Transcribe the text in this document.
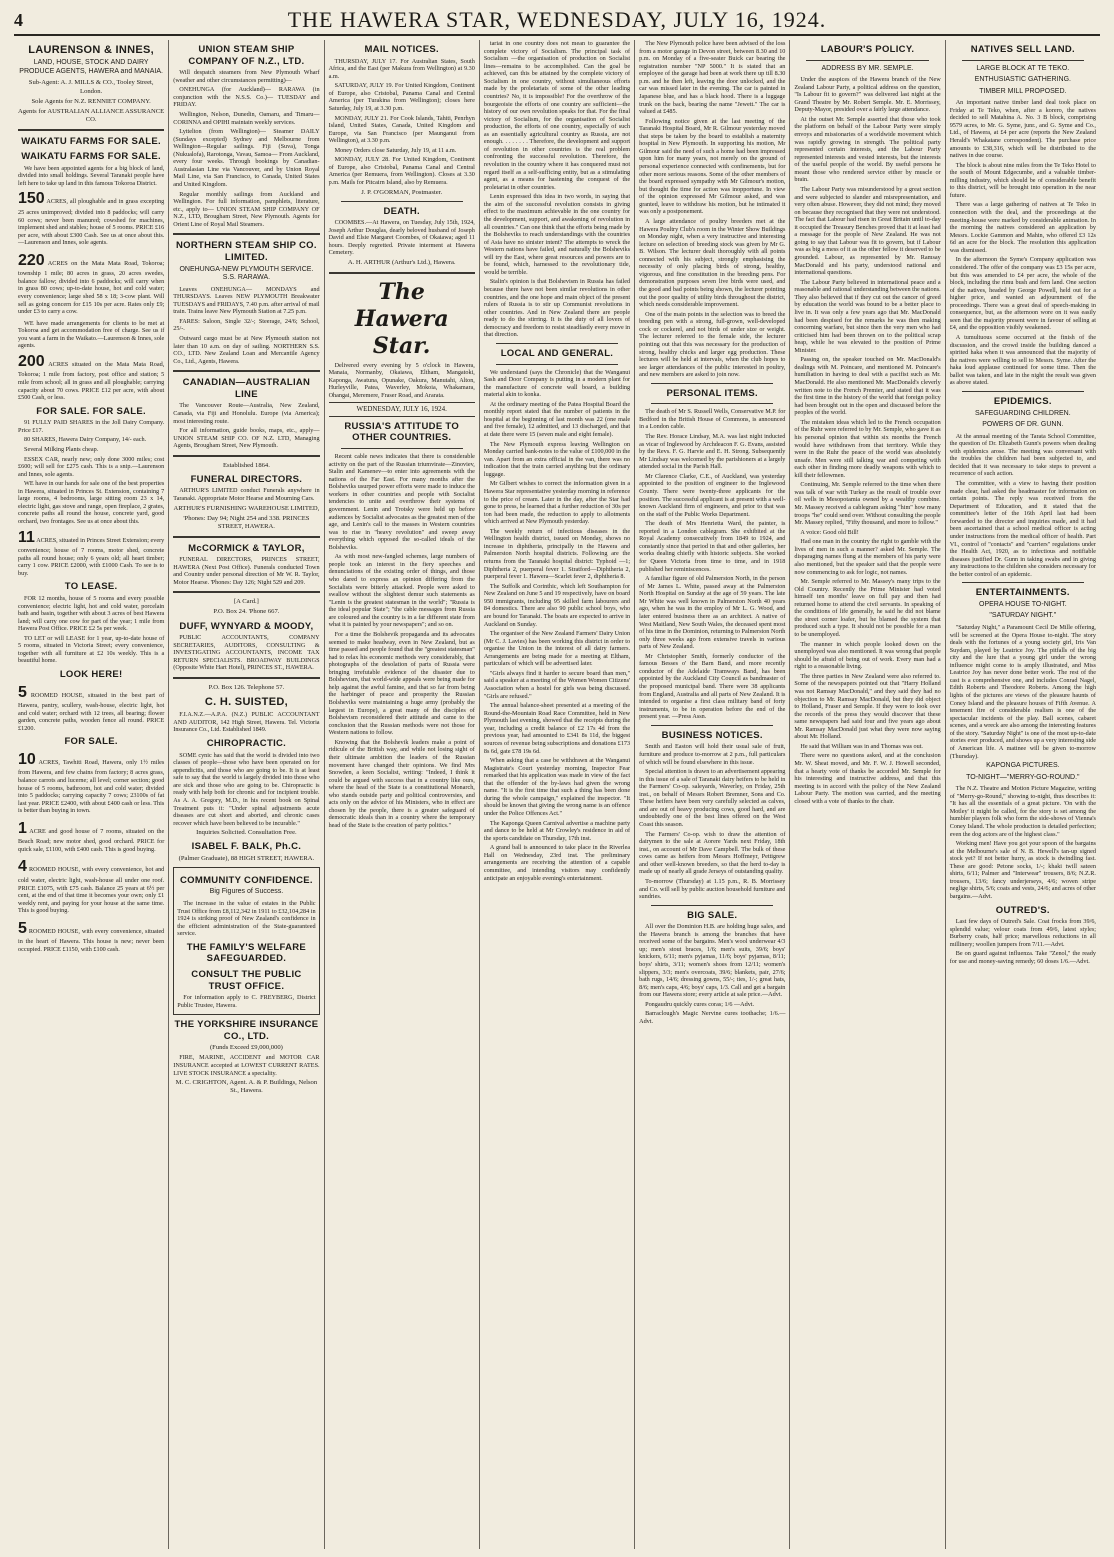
4	THE HAWERA STAR, WEDNESDAY, JULY 16, 1924.
LAURENSON & INNES,
LAND, HOUSE, STOCK AND DAIRY PRODUCE AGENTS, HAWERA and MANAIA.
Sub-Agent: A. J. MILLS & CO., Tooley Street, London.
Sole Agents for N.Z. RENNIET COMPANY.
Agents for AUSTRALIAN ALLIANCE ASSURANCE CO.
WAIKATU FARMS FOR SALE.
WAIKATU FARMS FOR SALE.

We have been appointed agents for a big block of land, divided into small holdings. Several Taranaki people have left here to take up land in this famous Tokoroa District.

150 ACRES, all ploughable and in grass excepting 25 acres unimproved; divided into 8 paddocks; will carry 60 cows; never been manured; cowshed for machines, implement shed and stables; house of 5 rooms. PRICE £16 per acre, with about £300 Cash. See us at once about this.—Laurenson and Innes, sole agents.
220 ACRES on the Mata Mata Road, Tokoroa; township 1 mile; 80 acres in grass, 20 acres swedes, balance fallow; divided into 6 paddocks; will carry when in grass 80 cows; up-to-date house, hot and cold water; every convenience; large shed 58 x 18; 3-cow plant. Will sell as going concern for £15 10s per acre. Rates only £9; under £3 to carry a cow.

WE have made arrangements for clients to be met at Tokoroa and get accommodation free of charge. See us if you want a farm in the Waikato.—Laurenson & Innes, sole agents.

200 ACRES situated on the Mata Mata Road, Tokoroa; 1 mile from factory, post office and station; 5 mile from school; all in grass and all ploughable; carrying capacity about 70 cows. PRICE £12 per acre, with about £500 Cash, or less.
FOR SALE. FOR SALE.

91 FULLY PAID SHARES in the Joll Dairy Company. Price £17.

80 SHARES, Hawera Dairy Company, 14/- each.

Several Milking Plants cheap.

ESSEX CAR, nearly new; only done 3000 miles; cost £600; will sell for £275 cash. This is a snip.—Laurenson and Innes, sole agents.

WE have in our hands for sale one of the best properties in Hawera, situated in Princes St. Extension, containing 7 large rooms, 4 bedrooms, large sitting room 23 x 14, electric light, gas stove and range, open fireplace, 2 grates, concrete paths all round the house, concrete yard, good orchard, two frontages. See us at once about this.

11 ACRES, situated in Princes Street Extension; every convenience; house of 7 rooms, motor shed, concrete paths all round house; only 6 years old; all heart timber; carry 1 cow. PRICE £2000, with £1000 Cash. To see is to buy.
TO LEASE.

FOR 12 months, house of 5 rooms and every possible convenience; electric light, hot and cold water, porcelain bath and basin, together with about 3 acres of best Hawera land; will carry one cow for part of the year; 1 mile from Hawera Post Office. PRICE £2 5s per week.

TO LET or will LEASE for 1 year, up-to-date house of 5 rooms, situated in Victoria Street; every convenience, together with all furniture at £2 10s weekly. This is a beautiful home.

LOOK HERE!
5 ROOMED HOUSE, situated in the best part of Hawera, pantry, scullery, wash-house, electric light, hot and cold water; orchard with 12 trees, all bearing; flower garden, concrete paths, wooden fence all round. PRICE £1200.
FOR SALE.
10 ACRES, Tawhiti Road, Hawera, only 1½ miles from Hawera, and few chains from factory; 8 acres grass, balance carrots and lucerne; all level; corner section; good house of 5 rooms, bathroom, hot and cold water; divided into 5 paddocks; carrying capacity 7 cows; 23100s of fat last year. PRICE £2400, with about £400 cash or less. This is better than buying in town.
1 ACRE and good house of 7 rooms, situated on the Beach Road; new motor shed, good orchard. PRICE for quick sale, £1100, with £400 cash. This is good buying.
4 ROOMED HOUSE, with every convenience, hot and cold water, electric light, wash-house all under one roof. PRICE £1075, with £75 cash. Balance 25 years at 6½ per cent, at the end of that time it becomes your own; only £1 weekly rent, and paying for your house at the same time. This is good buying.
5 ROOMED HOUSE, with every convenience, situated in the heart of Hawera. This house is new; never been occupied. PRICE £1150, with £100 cash.
UNION STEAM SHIP COMPANY OF N.Z., LTD.

Will despatch steamers from New Plymouth Wharf (weather and other circumstances permitting)—

ONEHUNGA (for Auckland)— RARAWA (in conjunction with the N.S.S. Co.)— TUESDAY and FRIDAY.

Wellington, Nelson, Dunedin, Oamaru, and Timaru— CORINNA and OPIHI maintain weekly services.

Lyttelton (from Wellington)— Steamer DAILY (Sundays excepted) Sydney and Melbourne from Wellington—Regular sailings. Fiji (Suva), Tonga (Nukualofa), Rarotonga, Vavau, Samoa— From Auckland, every four weeks. Through bookings by Canadian-Australasian Line via Vancouver, and by Union Royal Mail Line, via San Francisco, to Canada, United States and United Kingdom.

Regular monthly sailings from Auckland and Wellington. For full information, pamphlets, literature, etc., apply to— UNION STEAM SHIP COMPANY OF N.Z., LTD, Brougham Street, New Plymouth. Agents for Orient Line of Royal Mail Steamers.

NORTHERN STEAM SHIP CO. LIMITED.
ONEHUNGA-NEW PLYMOUTH SERVICE. S.S. RARAWA.

Leaves ONEHUNGA— MONDAYS and THURSDAYS. Leaves NEW PLYMOUTH Breakwater TUESDAYS and FRIDAYS, 7.40 p.m. after arrival of mail train. Trains leave New Plymouth Station at 7.25 p.m.

FARES: Saloon, Single 32/-; Steerage, 24/6; School, 25/-.

Outward cargo must be at New Plymouth station not later than 10 a.m. on day of sailing. NORTHERN S.S. CO., LTD. New Zealand Loan and Mercantile Agency Co., Ltd., Agents, Hawera.

CANADIAN—AUSTRALIAN LINE

The Vancouver Route—Australia, New Zealand, Canada, via Fiji and Honolulu. Europe (via America); most interesting route.

For all information, guide books, maps, etc., apply— UNION STEAM SHIP CO. OF N.Z. LTD, Managing Agents, Brougham Street, New Plymouth.

Established 1864.
FUNERAL DIRECTORS.

ARTHUR'S LIMITED conduct Funerals anywhere in Taranaki. Appropriate Motor Hearse and Mourning Cars.

ARTHUR'S FURNISHING WAREHOUSE LIMITED,
'Phones: Day 94; Night 254 and 338. PRINCES STREET, HAWERA.
McCORMICK & TAYLOR,

FUNERAL DIRECTORS, PRINCES STREET, HAWERA (Next Post Office). Funerals conducted Town and Country under personal direction of Mr W. R. Taylor, Motor Hearse. 'Phones: Day 126; Night 529 and 209.

[A Card.]
P.O. Box 24. 'Phone 667.
DUFF, WYNYARD & MOODY,

PUBLIC ACCOUNTANTS, COMPANY SECRETARIES, AUDITORS, CONSULTING & INVESTIGATING ACCOUNTANTS, INCOME TAX RETURN SPECIALISTS. BROADWAY BUILDINGS (Opposite White Hart Hotel), PRINCES ST., HAWERA.

P.O. Box 126. Telephone 57.
C. H. SUISTED,

F.I.A.N.Z.—A.P.A. (N.Z.) PUBLIC ACCOUNTANT AND AUDITOR, 142 High Street, Hawera. Tel. Victoria Insurance Co., Ltd. Established 1849.

CHIROPRACTIC.

SOME cynic has said that the world is divided into two classes of people—those who have been operated on for appendicitis, and those who are going to be. It is at least safe to say that the world is largely divided into those who are sick and those who are going to be. Chiropractic is ready with help both for chronic and for incipient trouble. As A. A. Gregory, M.D., in his recent book on Spinal Treatment puts it: "Under spinal adjustments acute diseases are cut short and aborted, and chronic cases recover which have been believed to be incurable."

Inquiries Solicited. Consultation Free.
ISABEL F. BALK, Ph.C.
(Palmer Graduate), 88 HIGH STREET, HAWERA.
COMMUNITY CONFIDENCE.
Big Figures of Success.

The increase in the value of estates in the Public Trust Office from £8,112,342 in 1911 to £32,104,284 in 1924 is striking proof of New Zealand's confidence in the efficient administration of the State-guaranteed service.

THE FAMILY'S WELFARE SAFEGUARDED.
CONSULT THE PUBLIC TRUST OFFICE.

For information apply to C. FREYBERG, District Public Trustee, Hawera.

THE YORKSHIRE INSURANCE CO., LTD.
(Funds Exceed £9,000,000)

FIRE, MARINE, ACCIDENT and MOTOR CAR INSURANCE accepted at LOWEST CURRENT RATES. LIVE STOCK INSURANCE a speciality.

M. C. CRIGHTON, Agent. A. & P. Buildings, Nelson St., Hawera.
MAIL NOTICES.

THURSDAY, JULY 17. For Australian States, South Africa, and the East (per Makura from Wellington) at 9.30 a.m.

SATURDAY, JULY 19. For United Kingdom, Continent of Europe, also Cristobal, Panama Canal and Central America (per Turakina from Wellington); closes here Saturday, July 19, at 3.30 p.m.

MONDAY, JULY 21. For Cook Islands, Tahiti, Penrhyn Island, United States, Canada, United Kingdom and Europe, via San Francisco (per Maunganui from Wellington), at 3.30 p.m.

Money Orders close Saturday, July 19, at 11 a.m.

MONDAY, JULY 28. For United Kingdom, Continent of Europe, also Cristobal, Panama Canal and Central America (per Remuera, from Wellington). Closes at 3.30 p.m. Mails for Pitcairn Island, also by Remuera.

J. P. O'GORMAN, Postmaster.
DEATH.

COOMBES.—At Hawera, on Tuesday, July 15th, 1924, Joseph Arthur Douglas, dearly beloved husband of Joseph David and Elsie Margaret Coombes, of Okaiawa; aged 11 hours. Deeply regretted. Private interment at Hawera Cemetery.

A. H. ARTHUR (Arthur's Ltd.), Hawera.
The Hawera Star.

Delivered every evening by 5 o'clock in Hawera, Manaia, Normanby, Okaiawa, Eltham, Mangatoki, Kaponga, Awatuna, Opunake, Oakura, Manutahi, Alton, Hurleyville, Patea, Waverley, Mokoia, Whakamara, Ohangai, Meremere, Fraser Road, and Ararata.

WEDNESDAY, JULY 16, 1924.
RUSSIA'S ATTITUDE TO OTHER COUNTRIES.

Recent cable news indicates that there is considerable activity on the part of the Russian triumvirate—Zinoviev, Stalin and Kamenev—to enter into agreements with the nations of the Far East. For many months after the Bolsheviks usurped power efforts were made to induce the workers in other countries and people with Socialist tendencies to unite and overthrow their systems of government. Lenin and Trotsky were held up before audiences by Socialist advocates as the greatest men of the age, and Lenin's call to the masses in Western countries was to rise in "heavy revolution" and sweep away everything which opposed the so-called ideals of the Bolsheviks.

As with most new-fangled schemes, large numbers of people took an interest in the fiery speeches and denunciations of the existing order of things, and those who dared to express an opinion differing from the Socialists were bitterly attacked. People were asked to swallow without the slightest demur such statements as "Lenin is the greatest statesman in the world"; "Russia is the ideal popular State"; "the cable messages from Russia are coloured and the country is in a far different state from what it is painted by your newspapers"; and so on.

For a time the Bolshevik propaganda and its advocates seemed to make headway, even in New Zealand, but as time passed and people found that the "greatest statesman" had to relax his economic methods very considerably, that photographs of the desolation of parts of Russia were bringing irrefutable evidence of the disaster due to Bolshevism, that world-wide appeals were being made for help against the awful famine, and that so far from being the harbinger of peace and prosperity the Russian Bolsheviks were maintaining a huge army (probably the largest in Europe), a great many of the disciples of Bolshevism reconsidered their attitude and came to the conclusion that the Russian methods were not those for Western nations to follow.

Knowing that the Bolshevik leaders make a point of ridicule of the British way, and while not losing sight of their ultimate ambition the leaders of the Russian movement have changed their opinions. We find Mrs Snowden, a keen Socialist, writing: "Indeed, I think it could be argued with success that in a country like ours, where the head of the State is a constitutional Monarch, who stands outside party and political controversies, and acts only on the advice of his Ministers, who in effect are chosen by the people, there is a greater safeguard of democratic ideals than in a country where the temporary head of the State is the creation of party politics."

tariat in one country does not mean to guarantee the complete victory of Socialism. The principal task of Socialism —the organisation of production on Socialist lines—remains to be accomplished. Can the goal be achieved, can this be attained by the complete victory of Socialism in one country, without simultaneous efforts made by the proletariats of some of the other leading countries? No, it is impossible! For the overthrow of the bourgeoisie the efforts of one country are sufficient—the history of our own revolution speaks for that. For the final victory of Socialism, for the organisation of Socialist production, the efforts of one country, especially of such as an essentially agricultural country as Russia, are not enough. . . . . . . . Therefore, the development and support of revolution in other countries is the real problem confronting the successful revolution. Therefore, the revolution in the country where it has conquered must not regard itself as a self-sufficing entity, but as a stimulating agent, as a means for hastening the conquest of the proletariat in other countries.

Lenin expressed this idea in two words, in saying that the aim of the successful revolution consists in giving effect to the maximum achievable in the one country for the development, support, and awakening of revolution in all countries." Can one think that the efforts being made by the Bolsheviks to reach understandings with the countries of Asia have no sinister intent? The attempts to wreck the Western nations have failed, and naturally the Bolsheviks will try the East, where great resources and powers are to be found, which, harnessed to the revolutionary tide, would be terrible.

Stalin's opinion is that Bolshevism in Russia has failed because there have not been similar revolutions in other countries, and the one hope and main object of the present rulers of Russia is to stir up Communist revolutions in other countries. And in New Zealand there are people ready to do the stirring. It is the duty of all lovers of democracy and freedom to resist steadfastly every move in that direction.

LOCAL AND GENERAL.

We understand (says the Chronicle) that the Wanganui Sash and Door Company is putting in a modern plant for the manufacture of concrete wall board, a building material akin to konka.

At the ordinary meeting of the Patea Hospital Board the monthly report stated that the number of patients in the hospital at the beginning of last month was 22 (one male and five female), 12 admitted, and 13 discharged, and that at date there were 15 (seven male and eight female).

The New Plymouth express leaving Wellington on Monday carried bank-notes to the value of £100,000 in the van. Apart from an extra official in the van, there was no indication that the train carried anything but the ordinary luggage.

Mr Gilbert wishes to correct the information given in a Hawera Star representative yesterday morning in reference to the price of cream. Later in the day, after the Star had gone to press, he learned that a further reduction of 30s per ton had been made, the reduction to apply to allotments which arrived at New Plymouth yesterday.

The weekly return of infectious diseases in the Wellington health district, issued on Monday, shows no increase in diphtheria, principally in the Hawera and Palmerston North hospital districts. Following are the returns from the Taranaki hospital district: Typhoid —1; Diphtheria 2, puerperal fever 1. Stratford—Diphtheria 2, puerperal fever 1. Hawera—Scarlet fever 2, diphtheria 8.

The Suffolk and Corinthic, which left Southampton for New Zealand on June 5 and 19 respectively, have on board 950 immigrants, including 95 skilled farm labourers and 84 domestics. There are also 90 public school boys, who are bound for Taranaki. The boats are expected to arrive in Auckland on Sunday.

The organiser of the New Zealand Farmers' Dairy Union (Mr C. J. Lavies) has been working this district in order to organise the Union in the interest of all dairy farmers. Arrangements are being made for a meeting at Eltham, particulars of which will be advertised later.

"Girls always find it harder to secure board than men," said a speaker at a meeting of the Women Women Citizens' Association when a hostel for girls was being discussed. "Girls are refused."

The annual balance-sheet presented at a meeting of the Round-the-Mountain Road Race Committee, held in New Plymouth last evening, showed that the receipts during the year, including a credit balance of £2 17s 4d from the previous year, had amounted to £341 8s 11d, the biggest sources of revenue being subscriptions and donations £173 8s 6d, gate £78 19s 6d.

When asking that a case be withdrawn at the Wanganui Magistrate's Court yesterday morning, Inspector Fear remarked that his application was made in view of the fact that the offender of the by-laws had given the wrong name. "It is the first time that such a thing has been done during the whole campaign," explained the inspector. "It should be known that giving the wrong name is an offence under the Police Offences Act."

The Kaponga Queen Carnival advertise a machine party and dance to be held at Mr Crowley's residence in aid of the sports candidate on Thursday, 17th inst.

A grand ball is announced to take place in the Riverlea Hall on Wednesday, 23rd inst. The preliminary arrangements are receiving the attention of a capable committee, and intending visitors may confidently anticipate an enjoyable evening's entertainment.

The New Plymouth police have been advised of the loss from a motor garage in Devon street, between 8.30 and 10 p.m. on Monday of a five-seater Buick car bearing the registration number "NP 5000." It is stated that an employee of the garage had been at work there up till 8.30 p.m. and he then left, leaving the door unlocked, and the car was missed later in the evening. The car is painted in Japanese blue, and has a black hood. There is a luggage trunk on the back, bearing the name "Jewett." The car is valued at £485.

Following notice given at the last meeting of the Taranaki Hospital Board, Mr R. Gilmour yesterday moved that steps be taken by the board to establish a maternity hospital in New Plymouth. In supporting his motion, Mr Gilmour said the need of such a home had been impressed upon him for many years, not merely on the ground of personal experience connected with confinements, but for other more serious reasons. Some of the other members of the board expressed sympathy with Mr Gilmour's motion, but thought the time for action was inopportune. In view of the opinion expressed Mr Gilmour asked, and was granted, leave to withdraw his motion, but he intimated it was only a postponement.

A large attendance of poultry breeders met at the Hawera Poultry Club's room in the Winter Show Buildings on Monday night, when a very instructive and interesting lecture on selection of breeding stock was given by Mr G. B. Wilson. The lecturer dealt thoroughly with all points connected with his subject, strongly emphasising the necessity of only placing birds of strong, healthy, vigorous, and fine constitution in the breeding pens. For demonstration purposes seven live birds were used, and the good and bad points being shown, the lecturer pointing out the poor quality of utility birds throughout the district, which needs considerable improvement.

One of the main points in the selection was to breed the breeding pen with a strong, full-grown, well-developed cock or cockerel, and not birds of under size or weight. The lecturer referred to the female side, the lecturer pointing out that this was necessary for the production of strong, healthy chicks and larger egg production. These lectures will be held at intervals, when the club hopes to see larger attendances of the public interested in poultry, and new members are asked to join now.

PERSONAL ITEMS.

The death of Mr S. Russell Wells, Conservative M.P. for Bedford in the British House of Commons, is announced in a London cable.

The Rev. Horace Lindsay, M.A. was last night inducted as vicar of Inglewood by Archdeacon F. G. Evans, assisted by the Revs. F. G. Harvie and E. H. Strong. Subsequently Mr Lindsay was welcomed by the parishioners at a largely attended social in the Parish Hall.

Mr Clarence Clarke, C.E., of Auckland, was yesterday appointed to the position of engineer to the Inglewood County. There were twenty-three applicants for the position. The successful applicant is at present with a well-known Auckland firm of engineers, and prior to that was on the staff of the Public Works Department.

The death of Mrs Henrietta Ward, the painter, is reported in a London cablegram. She exhibited at the Royal Academy consecutively from 1849 to 1924, and constantly since that period in that and other galleries, her works dealing chiefly with historic subjects. She worked for Queen Victoria from time to time, and in 1918 published her reminiscences.

A familiar figure of old Palmerston North, in the person of Mr James L. White, passed away at the Palmerston North Hospital on Sunday at the age of 59 years. The late Mr White was well known in Palmerston North 40 years ago, when he was in the employ of Mr L. G. Wood, and later entered business there as an architect. A native of West Maitland, New South Wales, the deceased spent most of his time in the Dominion, returning to Palmerston North only three weeks ago from extensive travels in various parts of New Zealand.

Mr Christopher Smith, formerly conductor of the famous Besses o' the Barn Band, and more recently conductor of the Adelaide Tramways Band, has been appointed by the Auckland City Council as bandmaster of the proposed municipal band. There were 38 applicants from England, Australia and all parts of New Zealand. It is intended to organise a first class military band of forty instruments, to be in operation before the end of the present year. —Press Assn.

BUSINESS NOTICES.

Smith and Easton will hold their usual sale of fruit, furniture and produce to-morrow at 2 p.m., full particulars of which will be found elsewhere in this issue.

Special attention is drawn to an advertisement appearing in this issue of a sale of Taranaki dairy heifers to be held in the Farmers' Co-op. saleyards, Waverley, on Friday, 25th inst., on behalf of Messrs Robert Bremner, Sons and Co. These heifers have been very carefully selected as calves, and are out of heavy producing cows, good hard, and are undoubtedly one of the best lines offered on the West Coast this season.

The Farmers' Co-op. wish to draw the attention of dairymen to the sale at Aorere Yards next Friday, 18th inst., on account of Mr Dave Campbell. The bulk of these cows came as heifers from Messrs Hoffmeyr, Pettigrew and other well-known breeders, so that the herd to-day is made up of nearly all grade Jerseys of outstanding quality.

To-morrow (Thursday) at 1.15 p.m., R. B. Morrissey and Co. will sell by public auction household furniture and sundries.

BIG SALE.

All over the Dominion H.B. are holding huge sales, and the Hawera branch is among the branches that have received some of the bargains. Men's wool underwear 4/3 up; men's stout braces, 1/6; men's suits, 39/6; boys' knickers, 6/11; men's pyjamas, 11/6; boys' pyjamas, 8/11; boys' shirts, 3/11; women's shoes from 12/11; women's slippers, 3/3; men's overcoats, 39/6; blankets, pair, 27/6; bath rugs, 14/6; dressing gowns, 55/-; ties, 1/-; great hats, 8/6; men's caps, 4/6; boys' caps, 1/3. Call and get a bargain from our Hawera store; every article at sale price.—Advt.

Pongaudru quickly cures coras; 1/6 —Advt.

Barraclough's Magic Nervine cures toothache; 1/6.—Advt.

LABOUR'S POLICY.
ADDRESS BY MR. SEMPLE.

Under the auspices of the Hawera branch of the New Zealand Labour Party, a political address on the question, "Is Labour fit to govern?" was delivered last night at the Grand Theatre by Mr. Robert Semple. Mr. E. Morrissey, Deputy-Mayor, presided over a fairly large attendance.

At the outset Mr. Semple asserted that those who took the platform on behalf of the Labour Party were simply envoys and missionaries of a worldwide movement which was rapidly growing in strength. The political party represented certain interests, and the Labour Party represented interests and vested interests, but the interests of the useful people of the world. By useful persons he meant those who rendered service either by muscle or brain.

The Labour Party was misunderstood by a great section and were subjected to slander and misrepresentation, and very often abuse. However, they did not mind; they moved on because they recognised that they were not understood. The fact that Labour had risen in Great Britain until to-day it occupied the Treasury Benches proved that it at least had a message for the people of New Zealand. He was not going to say that Labour was fit to govern, but if Labour was as big a mess of it as the other fellow it deserved to be grounded. Labour, as represented by Mr. Ramsay MacDonald and his party, understood national and international questions.

The Labour Party believed in international peace and a reasonable and rational understanding between the nations. They also believed that if they cut out the cancer of greed by education the world was bound to be a better place to live in. It was only a few years ago that Mr. MacDonald had been despised for the remarks he was then making concerning warfare, but since then the very men who had criticised him had been thrown on to the political scrap heap, while he was elevated to the position of Prime Minister.

Passing on, the speaker touched on Mr. MacDonald's dealings with M. Poincare, and mentioned M. Poincare's humiliation in having to deal with a pacifist such as Mr. MacDonald. He also mentioned Mr. MacDonald's cleverly written note to the French Premier, and stated that it was the first time in the history of the world that foreign policy had been brought out in the open and discussed before the peoples of the world.

The mistaken ideas which led to the French occupation of the Ruhr were referred to by Mr. Semple, who gave it as his personal opinion that within six months the French would have withdrawn from that territory. While they were in the Ruhr the peace of the world was absolutely unsafe. Men were still talking war and competing with each other in finding more deadly weapons with which to kill their fellowmen.

Continuing, Mr. Semple referred to the time when there was talk of war with Turkey as the result of trouble over oil wells in Mesopotamia owned by a wealthy combine. Mr. Massey received a cablegram asking "him" how many troops "he" could send over. Without consulting the people Mr. Massey replied, "Fifty thousand, and more to follow."

A voice: Good old Bill!

Had one man in the country the right to gamble with the lives of men in such a manner? asked Mr. Semple. The disparaging names flung at the members of his party were also mentioned, but the speaker said that the people were now commencing to ask for logic, not names.

Mr. Semple referred to Mr. Massey's many trips to the Old Country. Recently the Prime Minister had voted himself ten months' leave on full pay and then had returned home to attend the civil servants. In speaking of the conditions of life generally, he said he did not blame the street corner loafer, but he blamed the system that produced such a type. It should not be possible for a man to be unemployed.

The manner in which people looked down on the unemployed was also mentioned. It was wrong that people should be afraid of being out of work. Every man had a right to a reasonable living.

The three parties in New Zealand were also referred to. Some of the newspapers pointed out that "Harry Holland was not Ramsay MacDonald," and they said they had no objection to Mr. Ramsay MacDonald, but they did object to Holland, Fraser and Semple. If they were to look over the records of the press they would discover that these same newspapers had said four and five years ago about Mr. Ramsay MacDonald just what they were now saying about Mr. Holland.

He said that William was in and Thomas was out.

There were no questions asked, and at the conclusion Mr. W. Sheat moved, and Mr. F. W. J. Howell seconded, that a hearty vote of thanks be accorded Mr. Semple for his interesting and instructive address, and that this meeting is in accord with the policy of the New Zealand Labour Party. The motion was carried, and the meeting closed with a vote of thanks to the chair.

NATIVES SELL LAND.
LARGE BLOCK AT TE TEKO.
ENTHUSIASTIC GATHERING.
TIMBER MILL PROPOSED.

An important native timber land deal took place on Friday at Te Teko, when, after a korero, the natives decided to sell Matahina A. No. 3 B block, comprising 9579 acres, to Mr. G. Syme, junr., and G. Syme and Co., Ltd., of Hawera, at £4 per acre (reports the New Zealand Herald's Whakatane correspondent). The purchase price amounts to £38,316, which will be distributed to the natives in due course.

The block is about nine miles from the Te Teko Hotel to the south of Mount Edgecumbe, and a valuable timber-milling industry, which should be of considerable benefit to this district, will be brought into operation in the near future.

There was a large gathering of natives at Te Teko in connection with the deal, and the proceedings at the meeting-house were marked by considerable animation. In the morning the natives considered an application by Messrs. Lockie Gammon and Mahin, who offered £3 12s 6d an acre for the block. The resolution this application was dismissed.

In the afternoon the Syme's Company application was considered. The offer of the company was £3 15s per acre, but this was amended to £4 per acre, the whole of the block, including the rimu bush and fern land. One section of the natives, headed by George Powell, held out for a higher price, and wanted an adjournment of the proceedings. There was a great deal of speech-making in consequence, but, as the afternoon wore on it was easily seen that the majority present were in favour of selling at £4, and the opposition visibly weakened.

A tumultuous scene occurred at the finish of the discussion, and the crowd inside the building danced a spirited haka when it was announced that the majority of the natives were willing to sell to Messrs. Syme. After the haka loud applause continued for some time. Then the ballot was taken, and late in the night the result was given as above stated.

EPIDEMICS.
SAFEGUARDING CHILDREN.
POWERS OF DR. GUNN.

At the annual meeting of the Tarata School Committee, the question of Dr. Elizabeth Gunn's powers when dealing with epidemics arose. The meeting was conversant with the troubles the children had been subjected to, and decided that it was necessary to take steps to prevent a recurrence of such action.

The committee, with a view to having their position made clear, had asked the headmaster for information on certain points. The reply was received from the Department of Education, and it stated that the committee's letter of the 16th April last had been forwarded to the director and inquiries made, and it had been ascertained that a school medical officer is acting under instructions from the medical officer of health. Part VI., control of "contacts" and "carriers" regulations under the Health Act, 1920, as to infectious and notifiable diseases justified Dr. Gunn in taking swabs and in giving any instructions to the children she considers necessary for the better control of an epidemic.

ENTERTAINMENTS.
OPERA HOUSE TO-NIGHT.
"SATURDAY NIGHT."

"Saturday Night," a Paramount Cecil De Mille offering, will be screened at the Opera House to-night. The story deals with the fortunes of a young society girl, Iris Van Suydam, played by Leatrice Joy. The pitfalls of the big city and the lure that a young girl under the wrong influence might come to is amply illustrated, and Miss Leatrice Joy has never done better work. The rest of the cast is a comprehensive one, and includes Conrad Nagel, Edith Roberts and Theodore Roberts. Among the high lights of the pictures are views of the pleasure haunts of Coney Island and the pleasure houses of Fifth Avenue. A tenement fire of considerable realism is one of the spectacular incidents of the play. Ball scenes, cabaret scenes, and a wreck are also among the interesting features of the story. "Saturday Night" is one of the most up-to-date stories ever produced, and shows up a very interesting side of American life. A matinee will be given to-morrow (Thursday).

KAPONGA PICTURES.
TO-NIGHT—"MERRY-GO-ROUND."

The N.Z. Theatre and Motion Picture Magazine, writing of "Merry-go-Round," showing to-night, thus describes it: "It has all the essentials of a great picture. 'On with the Motley' it might be called, for the story is set among the humbler players folk who form the side-shows of Vienna's Coney Island. The whole production is detailed perfection; even the dog actors are of the highest class."

Working men! Have you got your spoon of the bargains at the Melbourne's sale of N. B. Hewell's tan-up signed stock yet? If not better hurry, as stock is dwindling fast. These are good: Petone socks, 1/-; khaki twill sateen shirts, 6/11; Palmer and "Interwear" trousers, 8/6; N.Z.R. trousers, 13/6; fancy underjerseys, 4/6; woven stripe neglige shirts, 5/6; coats and vests, 24/6; and acres of other bargains.—Advt.

OUTRED'S.

Last few days of Outred's Sale. Coat frocks from 39/6, splendid value; velour coats from 49/6, latest styles; Burberry coats, half price; marvellous reductions in all millinery; woollen jumpers from 7/11.—Advt.

Be on guard against influenza. Take "Zenol," the ready for use and money-saving remedy; 60 doses 1/6.—Advt.
